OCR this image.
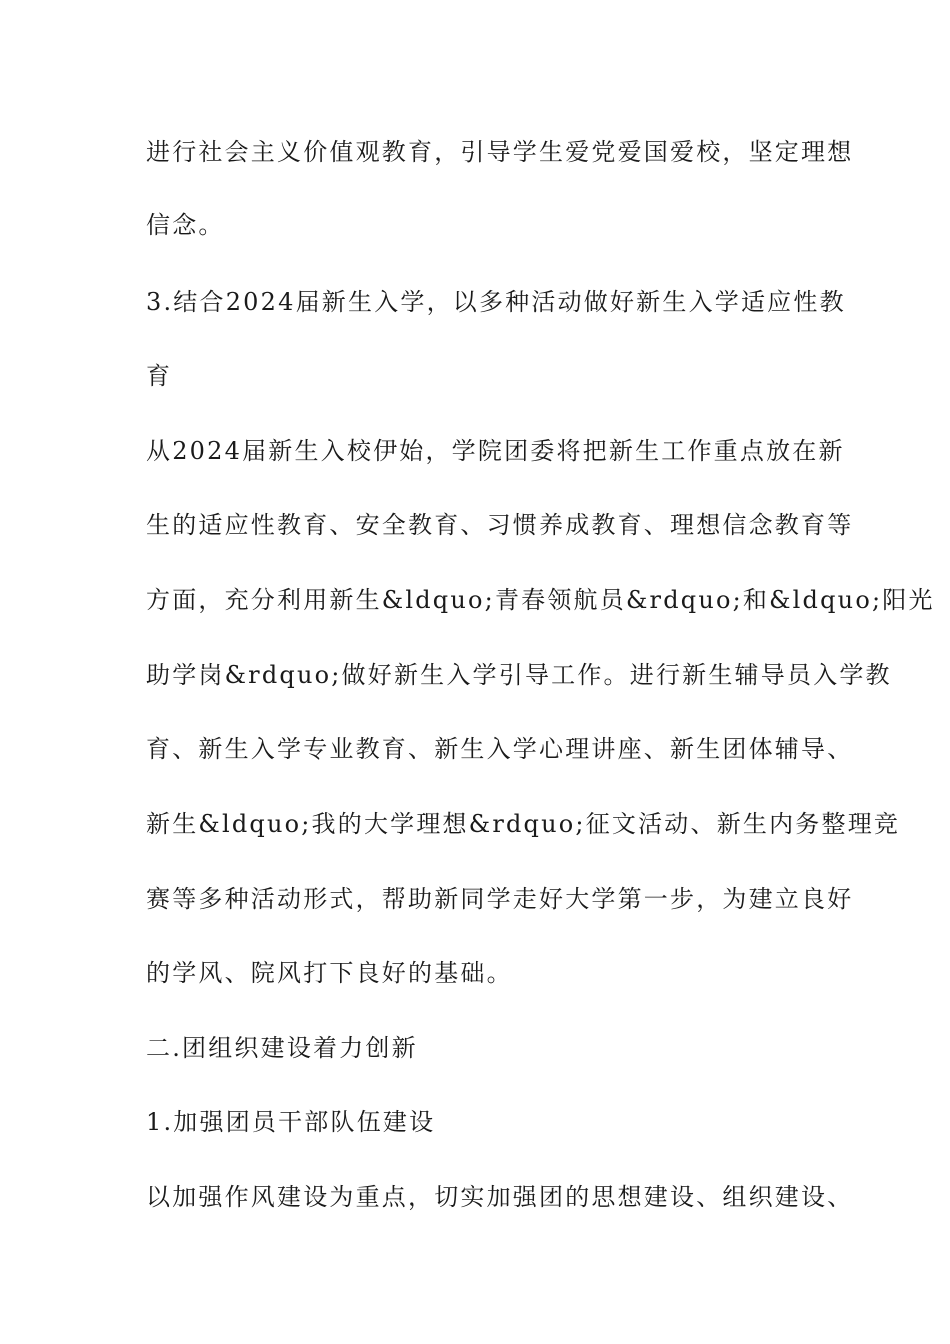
进行社会主义价值观教育，引导学生爱党爱国爱校，坚定理想
信念。
3.结合2024届新生入学，以多种活动做好新生入学适应性教
育
从2024届新生入校伊始，学院团委将把新生工作重点放在新
生的适应性教育、安全教育、习惯养成教育、理想信念教育等
方面，充分利用新生&ldquo;青春领航员&rdquo;和&ldquo;阳光
助学岗&rdquo;做好新生入学引导工作。进行新生辅导员入学教
育、新生入学专业教育、新生入学心理讲座、新生团体辅导、
新生&ldquo;我的大学理想&rdquo;征文活动、新生内务整理竞
赛等多种活动形式，帮助新同学走好大学第一步，为建立良好
的学风、院风打下良好的基础。
二.团组织建设着力创新
1.加强团员干部队伍建设
以加强作风建设为重点，切实加强团的思想建设、组织建设、
